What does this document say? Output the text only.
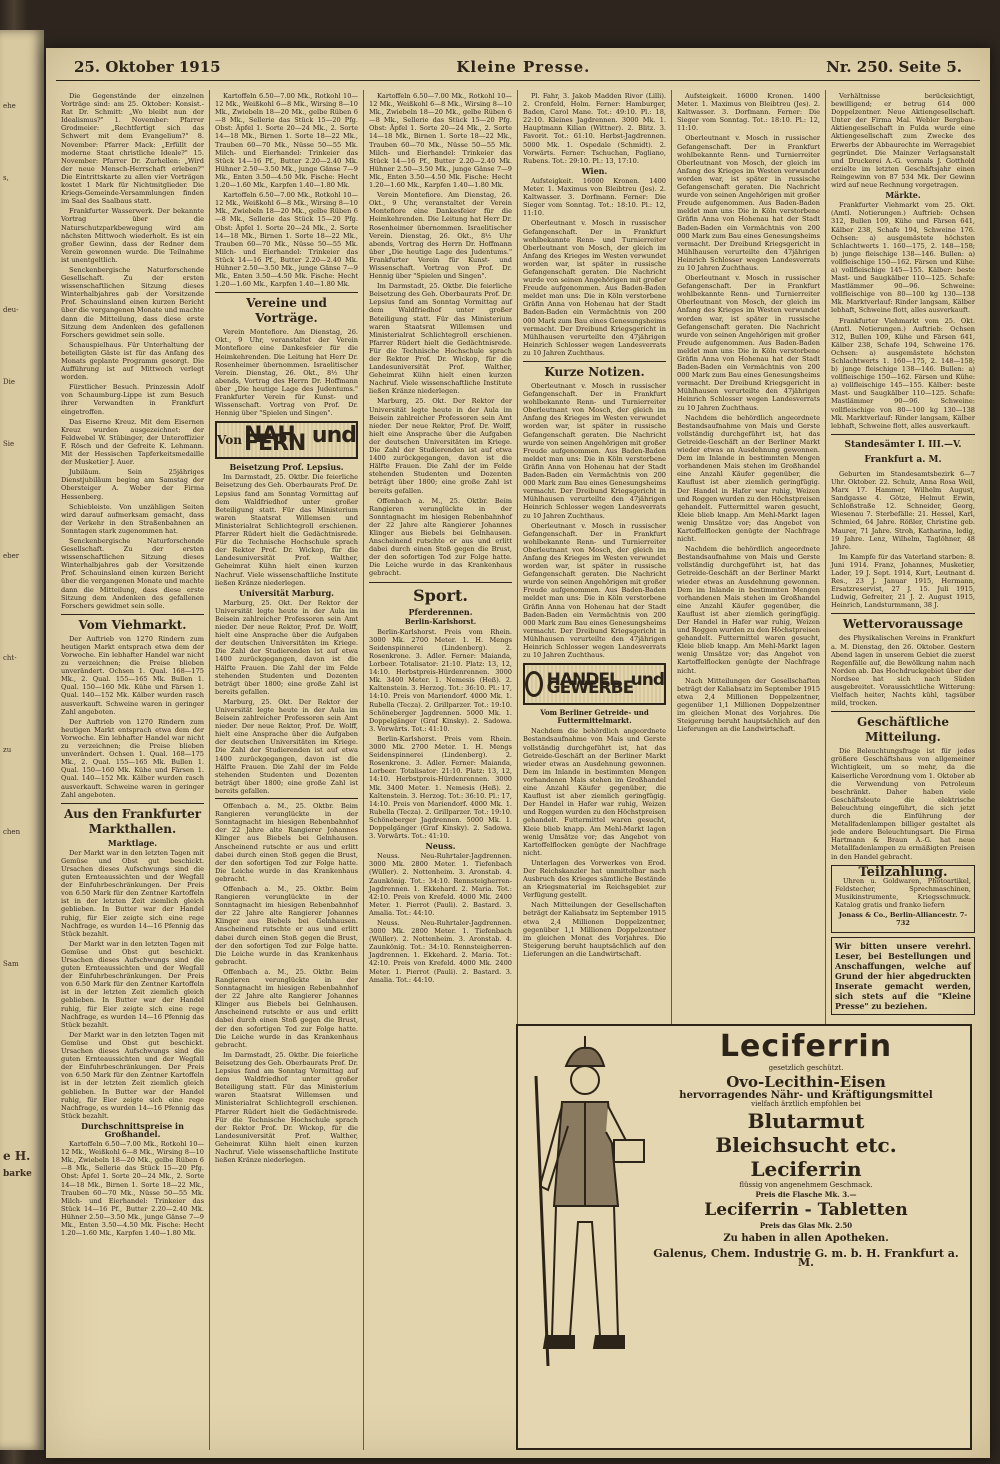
ehe
s,
deu-
Die
Sie
eber
cht-
zu
chen
Sam
e H.
barke
25. Oktober 1915	Kleine Presse.	Nr. 250. Seite 5.

Die Gegenstände der einzelnen Vorträge sind: am 25. Oktober: Konsist.-Rat Dr. Schmitt: „Wo bleibt nun der Idealismus?" 1. November: Pfarrer Grodmeier: „Rechtfertigt sich das Schwert mit dem Evangelium?" 8. November: Pfarrer Mack: „Erfüllt der moderne Staat christliche Ideale?" 15. November: Pfarrer Dr. Zurhellen: „Wird der neue Mensch-Herrschaft erleben?" Die Eintrittskarte zu allen vier Vorträgen kostet 1 Mark für Nichtmitglieder. Die Kriegs-Gemeinde-Versammlungen finden im Saal des Saalbaus statt.

Frankfurter Wasserwerk. Der bekannte Vortrag über die Naturschutzparkbewegung wird am nächsten Mittwoch wiederholt. Es ist ein großer Gewinn, dass der Redner dem Verein gewonnen wurde. Die Teilnahme ist unentgeltlich.

Senckenbergische Naturforschende Gesellschaft. Zu der ersten wissenschaftlichen Sitzung dieses Winterhalbjahres gab der Vorsitzende Prof. Schauinsland einen kurzen Bericht über die vergangenen Monate und machte dann die Mitteilung, dass diese erste Sitzung dem Andenken des gefallenen Forschers gewidmet sein solle.

Schauspielhaus. Für Unterhaltung der beteiligten Gäste ist für das Anfang des Monats geplante Programm gesorgt. Die Aufführung ist auf Mittwoch verlegt worden.

Fürstlicher Besuch. Prinzessin Adolf von Schaumburg-Lippe ist zum Besuch ihrer Verwandten in Frankfurt eingetroffen.

Das Eiserne Kreuz. Mit dem Eisernen Kreuz wurden ausgezeichnet: der Feldwebel W. Stübinger, der Unteroffizier F. Rösch und der Gefreite K. Lehmann. Mit der Hessischen Tapferkeitsmedaille der Musketier J. Auer.

Jubiläum. Sein 25jähriges Dienstjubiläum beging am Samstag der Obersteiger A. Weber der Firma Hessenberg.

Schiebleiste. Von unzähligen Seiten wird darauf aufmerksam gemacht, dass der Verkehr in den Straßenbahnen an Sonntagen stark zugenommen hat.

Senckenbergische Naturforschende Gesellschaft. Zu der ersten wissenschaftlichen Sitzung dieses Winterhalbjahres gab der Vorsitzende Prof. Schauinsland einen kurzen Bericht über die vergangenen Monate und machte dann die Mitteilung, dass diese erste Sitzung dem Andenken des gefallenen Forschers gewidmet sein solle.

Vom Viehmarkt.

Der Auftrieb von 1270 Rindern zum heutigen Markt entsprach etwa dem der Vorwoche. Ein lebhafter Handel war nicht zu verzeichnen; die Preise blieben unverändert. Ochsen 1. Qual. 168—175 Mk., 2. Qual. 155—165 Mk. Bullen 1. Qual. 150—160 Mk. Kühe und Färsen 1. Qual. 140—152 Mk. Kälber wurden rasch ausverkauft. Schweine waren in geringer Zahl angeboten.

Der Auftrieb von 1270 Rindern zum heutigen Markt entsprach etwa dem der Vorwoche. Ein lebhafter Handel war nicht zu verzeichnen; die Preise blieben unverändert. Ochsen 1. Qual. 168—175 Mk., 2. Qual. 155—165 Mk. Bullen 1. Qual. 150—160 Mk. Kühe und Färsen 1. Qual. 140—152 Mk. Kälber wurden rasch ausverkauft. Schweine waren in geringer Zahl angeboten.

Aus den Frankfurter Markthallen.
Marktlage.

Der Markt war in den letzten Tagen mit Gemüse und Obst gut beschickt. Ursachen dieses Aufschwungs sind die guten Ernteaussichten und der Wegfall der Einfuhrbeschränkungen. Der Preis von 6.50 Mark für den Zentner Kartoffeln ist in der letzten Zeit ziemlich gleich geblieben. In Butter war der Handel ruhig, für Eier zeigte sich eine rege Nachfrage, es wurden 14—16 Pfennig das Stück bezahlt.

Der Markt war in den letzten Tagen mit Gemüse und Obst gut beschickt. Ursachen dieses Aufschwungs sind die guten Ernteaussichten und der Wegfall der Einfuhrbeschränkungen. Der Preis von 6.50 Mark für den Zentner Kartoffeln ist in der letzten Zeit ziemlich gleich geblieben. In Butter war der Handel ruhig, für Eier zeigte sich eine rege Nachfrage, es wurden 14—16 Pfennig das Stück bezahlt.

Der Markt war in den letzten Tagen mit Gemüse und Obst gut beschickt. Ursachen dieses Aufschwungs sind die guten Ernteaussichten und der Wegfall der Einfuhrbeschränkungen. Der Preis von 6.50 Mark für den Zentner Kartoffeln ist in der letzten Zeit ziemlich gleich geblieben. In Butter war der Handel ruhig, für Eier zeigte sich eine rege Nachfrage, es wurden 14—16 Pfennig das Stück bezahlt.

Durchschnittspreise in Großhandel.

Kartoffeln 6.50—7.00 Mk., Rotkohl 10—12 Mk., Weißkohl 6—8 Mk., Wirsing 8—10 Mk., Zwiebeln 18—20 Mk., gelbe Rüben 6—8 Mk., Sellerie das Stück 15—20 Pfg. Obst: Äpfel 1. Sorte 20—24 Mk., 2. Sorte 14—18 Mk., Birnen 1. Sorte 18—22 Mk., Trauben 60—70 Mk., Nüsse 50—55 Mk. Milch- und Eierhandel: Trinkeier das Stück 14—16 Pf., Butter 2.20—2.40 Mk. Hühner 2.50—3.50 Mk., junge Gänse 7—9 Mk., Enten 3.50—4.50 Mk. Fische: Hecht 1.20—1.60 Mk., Karpfen 1.40—1.80 Mk.

Kartoffeln 6.50—7.00 Mk., Rotkohl 10—12 Mk., Weißkohl 6—8 Mk., Wirsing 8—10 Mk., Zwiebeln 18—20 Mk., gelbe Rüben 6—8 Mk., Sellerie das Stück 15—20 Pfg. Obst: Äpfel 1. Sorte 20—24 Mk., 2. Sorte 14—18 Mk., Birnen 1. Sorte 18—22 Mk., Trauben 60—70 Mk., Nüsse 50—55 Mk. Milch- und Eierhandel: Trinkeier das Stück 14—16 Pf., Butter 2.20—2.40 Mk. Hühner 2.50—3.50 Mk., junge Gänse 7—9 Mk., Enten 3.50—4.50 Mk. Fische: Hecht 1.20—1.60 Mk., Karpfen 1.40—1.80 Mk.

Kartoffeln 6.50—7.00 Mk., Rotkohl 10—12 Mk., Weißkohl 6—8 Mk., Wirsing 8—10 Mk., Zwiebeln 18—20 Mk., gelbe Rüben 6—8 Mk., Sellerie das Stück 15—20 Pfg. Obst: Äpfel 1. Sorte 20—24 Mk., 2. Sorte 14—18 Mk., Birnen 1. Sorte 18—22 Mk., Trauben 60—70 Mk., Nüsse 50—55 Mk. Milch- und Eierhandel: Trinkeier das Stück 14—16 Pf., Butter 2.20—2.40 Mk. Hühner 2.50—3.50 Mk., junge Gänse 7—9 Mk., Enten 3.50—4.50 Mk. Fische: Hecht 1.20—1.60 Mk., Karpfen 1.40—1.80 Mk.

Vereine und Vorträge.

Verein Montefiore. Am Dienstag, 26. Okt., 9 Uhr, veranstaltet der Verein Montefiore eine Dankesfeier für die Heimkehrenden. Die Leitung hat Herr Dr. Rosenheimer übernommen. Israelitischer Verein. Dienstag, 26. Okt., 8½ Uhr abends, Vortrag des Herrn Dr. Hoffmann über „Die heutige Lage des Judentums." Frankfurter Verein für Kunst- und Wissenschaft. Vortrag von Prof. Dr. Hennig über "Spielen und Singen".

Von NAH und FERN
Beisetzung Prof. Lepsius.

Im Darmstadt, 25. Oktbr. Die feierliche Beisetzung des Geh. Oberbaurats Prof. Dr. Lepsius fand am Sonntag Vormittag auf dem Waldfriedhof unter großer Beteiligung statt. Für das Ministerium waren Staatsrat Willemsen und Ministerialrat Schlichtegroll erschienen. Pfarrer Rüdert hielt die Gedächtnisrede. Für die Technische Hochschule sprach der Rektor Prof. Dr. Wickop, für die Landesuniversität Prof. Walther, Geheimrat Kühn hielt einen kurzen Nachruf. Viele wissenschaftliche Institute ließen Kränze niederlegen.

Universität Marburg.

Marburg, 25. Okt. Der Rektor der Universität legte heute in der Aula im Beisein zahlreicher Professoren sein Amt nieder. Der neue Rektor, Prof. Dr. Wolff, hielt eine Ansprache über die Aufgaben der deutschen Universitäten im Kriege. Die Zahl der Studierenden ist auf etwa 1400 zurückgegangen, davon ist die Hälfte Frauen. Die Zahl der im Felde stehenden Studenten und Dozenten beträgt über 1800; eine große Zahl ist bereits gefallen.

Marburg, 25. Okt. Der Rektor der Universität legte heute in der Aula im Beisein zahlreicher Professoren sein Amt nieder. Der neue Rektor, Prof. Dr. Wolff, hielt eine Ansprache über die Aufgaben der deutschen Universitäten im Kriege. Die Zahl der Studierenden ist auf etwa 1400 zurückgegangen, davon ist die Hälfte Frauen. Die Zahl der im Felde stehenden Studenten und Dozenten beträgt über 1800; eine große Zahl ist bereits gefallen.

Offenbach a. M., 25. Oktbr. Beim Rangieren verunglückte in der Sonntagnacht im hiesigen Rebenbahnhof der 22 Jahre alte Rangierer Johannes Klinger aus Biebels bei Gelnhausen. Anscheinend rutschte er aus und erlitt dabei durch einen Stoß gegen die Brust, der den sofortigen Tod zur Folge hatte. Die Leiche wurde in das Krankenhaus gebracht.

Offenbach a. M., 25. Oktbr. Beim Rangieren verunglückte in der Sonntagnacht im hiesigen Rebenbahnhof der 22 Jahre alte Rangierer Johannes Klinger aus Biebels bei Gelnhausen. Anscheinend rutschte er aus und erlitt dabei durch einen Stoß gegen die Brust, der den sofortigen Tod zur Folge hatte. Die Leiche wurde in das Krankenhaus gebracht.

Offenbach a. M., 25. Oktbr. Beim Rangieren verunglückte in der Sonntagnacht im hiesigen Rebenbahnhof der 22 Jahre alte Rangierer Johannes Klinger aus Biebels bei Gelnhausen. Anscheinend rutschte er aus und erlitt dabei durch einen Stoß gegen die Brust, der den sofortigen Tod zur Folge hatte. Die Leiche wurde in das Krankenhaus gebracht.

Im Darmstadt, 25. Oktbr. Die feierliche Beisetzung des Geh. Oberbaurats Prof. Dr. Lepsius fand am Sonntag Vormittag auf dem Waldfriedhof unter großer Beteiligung statt. Für das Ministerium waren Staatsrat Willemsen und Ministerialrat Schlichtegroll erschienen. Pfarrer Rüdert hielt die Gedächtnisrede. Für die Technische Hochschule sprach der Rektor Prof. Dr. Wickop, für die Landesuniversität Prof. Walther, Geheimrat Kühn hielt einen kurzen Nachruf. Viele wissenschaftliche Institute ließen Kränze niederlegen.

Kartoffeln 6.50—7.00 Mk., Rotkohl 10—12 Mk., Weißkohl 6—8 Mk., Wirsing 8—10 Mk., Zwiebeln 18—20 Mk., gelbe Rüben 6—8 Mk., Sellerie das Stück 15—20 Pfg. Obst: Äpfel 1. Sorte 20—24 Mk., 2. Sorte 14—18 Mk., Birnen 1. Sorte 18—22 Mk., Trauben 60—70 Mk., Nüsse 50—55 Mk. Milch- und Eierhandel: Trinkeier das Stück 14—16 Pf., Butter 2.20—2.40 Mk. Hühner 2.50—3.50 Mk., junge Gänse 7—9 Mk., Enten 3.50—4.50 Mk. Fische: Hecht 1.20—1.60 Mk., Karpfen 1.40—1.80 Mk.

Verein Montefiore. Am Dienstag, 26. Okt., 9 Uhr, veranstaltet der Verein Montefiore eine Dankesfeier für die Heimkehrenden. Die Leitung hat Herr Dr. Rosenheimer übernommen. Israelitischer Verein. Dienstag, 26. Okt., 8½ Uhr abends, Vortrag des Herrn Dr. Hoffmann über „Die heutige Lage des Judentums." Frankfurter Verein für Kunst- und Wissenschaft. Vortrag von Prof. Dr. Hennig über "Spielen und Singen".

Im Darmstadt, 25. Oktbr. Die feierliche Beisetzung des Geh. Oberbaurats Prof. Dr. Lepsius fand am Sonntag Vormittag auf dem Waldfriedhof unter großer Beteiligung statt. Für das Ministerium waren Staatsrat Willemsen und Ministerialrat Schlichtegroll erschienen. Pfarrer Rüdert hielt die Gedächtnisrede. Für die Technische Hochschule sprach der Rektor Prof. Dr. Wickop, für die Landesuniversität Prof. Walther, Geheimrat Kühn hielt einen kurzen Nachruf. Viele wissenschaftliche Institute ließen Kränze niederlegen.

Marburg, 25. Okt. Der Rektor der Universität legte heute in der Aula im Beisein zahlreicher Professoren sein Amt nieder. Der neue Rektor, Prof. Dr. Wolff, hielt eine Ansprache über die Aufgaben der deutschen Universitäten im Kriege. Die Zahl der Studierenden ist auf etwa 1400 zurückgegangen, davon ist die Hälfte Frauen. Die Zahl der im Felde stehenden Studenten und Dozenten beträgt über 1800; eine große Zahl ist bereits gefallen.

Offenbach a. M., 25. Oktbr. Beim Rangieren verunglückte in der Sonntagnacht im hiesigen Rebenbahnhof der 22 Jahre alte Rangierer Johannes Klinger aus Biebels bei Gelnhausen. Anscheinend rutschte er aus und erlitt dabei durch einen Stoß gegen die Brust, der den sofortigen Tod zur Folge hatte. Die Leiche wurde in das Krankenhaus gebracht.

Sport.
Pferderennen.
Berlin-Karlshorst.

Berlin-Karlshorst. Preis vom Rhein. 3000 Mk. 2700 Meter. 1. H. Mengs Seidenspinnerei (Lindenberg). 2. Rosenkrone. 3. Adler. Ferner: Maianda, Lorbeer. Totalisator: 21:10. Platz: 13, 12, 14:10. Herbstpreis-Hürdenrennen. 3000 Mk. 3400 Meter. 1. Nemesis (Heß). 2. Kaltenstein. 3. Herzog. Tot.: 36:10. Pl.: 17, 14:10. Preis von Mariendorf. 4000 Mk. 1. Rubella (Tecza). 2. Grillparzer. Tot.: 19:10. Schöneberger Jagdrennen. 5000 Mk. 1. Doppelgänger (Graf Kinsky). 2. Sadowa. 3. Vorwärts. Tot.: 41:10.

Berlin-Karlshorst. Preis vom Rhein. 3000 Mk. 2700 Meter. 1. H. Mengs Seidenspinnerei (Lindenberg). 2. Rosenkrone. 3. Adler. Ferner: Maianda, Lorbeer. Totalisator: 21:10. Platz: 13, 12, 14:10. Herbstpreis-Hürdenrennen. 3000 Mk. 3400 Meter. 1. Nemesis (Heß). 2. Kaltenstein. 3. Herzog. Tot.: 36:10. Pl.: 17, 14:10. Preis von Mariendorf. 4000 Mk. 1. Rubella (Tecza). 2. Grillparzer. Tot.: 19:10. Schöneberger Jagdrennen. 5000 Mk. 1. Doppelgänger (Graf Kinsky). 2. Sadowa. 3. Vorwärts. Tot.: 41:10.

Neuss.

Neuss. Neu-Ruhrtaler-Jagdrennen. 3000 Mk. 2800 Meter. 1. Tiefenbach (Wüller). 2. Nottenheim. 3. Aronstab. 4. Zaunkönig. Tot.: 34:10. Rennsteigherren-Jagdrennen. 1. Ekkehard. 2. Maria. Tot.: 42:10. Preis von Krefeld. 4000 Mk. 2400 Meter. 1. Pierrot (Pauli). 2. Bastard. 3. Amalia. Tot.: 44:10.

Neuss. Neu-Ruhrtaler-Jagdrennen. 3000 Mk. 2800 Meter. 1. Tiefenbach (Wüller). 2. Nottenheim. 3. Aronstab. 4. Zaunkönig. Tot.: 34:10. Rennsteigherren-Jagdrennen. 1. Ekkehard. 2. Maria. Tot.: 42:10. Preis von Krefeld. 4000 Mk. 2400 Meter. 1. Pierrot (Pauli). 2. Bastard. 3. Amalia. Tot.: 44:10.

Pl. Fahr, 3. Jakob Madden Rivor (Lilli). 2. Cronfeld, Holm. Ferner: Hamburger, Baden, Carol Mane. Tot.: 49:10. Pl.: 18, 22:10. Kleines Jagdrennen. 3000 Mk. 1. Hauptmann Kilian (Wittner). 2. Blitz. 3. Favorit. Tot.: 61:10. Herbst-Jagdrennen. 5000 Mk. 1. Ospedale (Schmidt). 2. Vorwärts. Ferner: Tschuchan, Pagliano, Rubens. Tot.: 29:10. Pl.: 13, 17:10.

Wien.

Aufsteigkeit. 16000 Kronen. 1400 Meter. 1. Maximus von Bleibtreu (Jes). 2. Kaltwasser. 3. Dorfmann. Ferner: Die Sieger vom Sonntag. Tot.: 18:10. Pl.: 12, 11:10.

Oberleutnant v. Mosch in russischer Gefangenschaft. Der in Frankfurt wohlbekannte Renn- und Turnierreiter Oberleutnant von Mosch, der gleich im Anfang des Krieges im Westen verwundet worden war, ist später in russische Gefangenschaft geraten. Die Nachricht wurde von seinen Angehörigen mit großer Freude aufgenommen. Aus Baden-Baden meldet man uns: Die in Köln verstorbene Gräfin Anna von Hohenau hat der Stadt Baden-Baden ein Vermächtnis von 200 000 Mark zum Bau eines Genesungsheims vermacht. Der Dreibund Kriegsgericht in Mühlhausen verurteilte den 47jährigen Heinrich Schlosser wegen Landesverrats zu 10 Jahren Zuchthaus.

Kurze Notizen.

Oberleutnant v. Mosch in russischer Gefangenschaft. Der in Frankfurt wohlbekannte Renn- und Turnierreiter Oberleutnant von Mosch, der gleich im Anfang des Krieges im Westen verwundet worden war, ist später in russische Gefangenschaft geraten. Die Nachricht wurde von seinen Angehörigen mit großer Freude aufgenommen. Aus Baden-Baden meldet man uns: Die in Köln verstorbene Gräfin Anna von Hohenau hat der Stadt Baden-Baden ein Vermächtnis von 200 000 Mark zum Bau eines Genesungsheims vermacht. Der Dreibund Kriegsgericht in Mühlhausen verurteilte den 47jährigen Heinrich Schlosser wegen Landesverrats zu 10 Jahren Zuchthaus.

Oberleutnant v. Mosch in russischer Gefangenschaft. Der in Frankfurt wohlbekannte Renn- und Turnierreiter Oberleutnant von Mosch, der gleich im Anfang des Krieges im Westen verwundet worden war, ist später in russische Gefangenschaft geraten. Die Nachricht wurde von seinen Angehörigen mit großer Freude aufgenommen. Aus Baden-Baden meldet man uns: Die in Köln verstorbene Gräfin Anna von Hohenau hat der Stadt Baden-Baden ein Vermächtnis von 200 000 Mark zum Bau eines Genesungsheims vermacht. Der Dreibund Kriegsgericht in Mühlhausen verurteilte den 47jährigen Heinrich Schlosser wegen Landesverrats zu 10 Jahren Zuchthaus.

HANDEL und GEWERBE
Vom Berliner Getreide- und Futtermittelmarkt.

Nachdem die behördlich angeordnete Bestandsaufnahme von Mais und Gerste vollständig durchgeführt ist, hat das Getreide-Geschäft an der Berliner Markt wieder etwas an Ausdehnung gewonnen. Dem im Inlande in bestimmten Mengen vorhandenen Mais stehen im Großhandel eine Anzahl Käufer gegenüber, die Kauflust ist aber ziemlich geringfügig. Der Handel in Hafer war ruhig, Weizen und Roggen wurden zu den Höchstpreisen gehandelt. Futtermittel waren gesucht, Kleie blieb knapp. Am Mehl-Markt lagen wenig Umsätze vor; das Angebot von Kartoffelflocken genügte der Nachfrage nicht.

Unterlagen des Vorwerkes von Erod. Der Reichskanzler hat unmittelbar nach Ausbruch des Krieges sämtliche Bestände an Kriegsmaterial im Reichsgebiet zur Verfügung gestellt.

Nach Mitteilungen der Gesellschaften beträgt der Kaliabsatz im September 1915 etwa 2,4 Millionen Doppelzentner, gegenüber 1,1 Millionen Doppelzentner im gleichen Monat des Vorjahres. Die Steigerung beruht hauptsächlich auf den Lieferungen an die Landwirtschaft.

Aufsteigkeit. 16000 Kronen. 1400 Meter. 1. Maximus von Bleibtreu (Jes). 2. Kaltwasser. 3. Dorfmann. Ferner: Die Sieger vom Sonntag. Tot.: 18:10. Pl.: 12, 11:10.

Oberleutnant v. Mosch in russischer Gefangenschaft. Der in Frankfurt wohlbekannte Renn- und Turnierreiter Oberleutnant von Mosch, der gleich im Anfang des Krieges im Westen verwundet worden war, ist später in russische Gefangenschaft geraten. Die Nachricht wurde von seinen Angehörigen mit großer Freude aufgenommen. Aus Baden-Baden meldet man uns: Die in Köln verstorbene Gräfin Anna von Hohenau hat der Stadt Baden-Baden ein Vermächtnis von 200 000 Mark zum Bau eines Genesungsheims vermacht. Der Dreibund Kriegsgericht in Mühlhausen verurteilte den 47jährigen Heinrich Schlosser wegen Landesverrats zu 10 Jahren Zuchthaus.

Oberleutnant v. Mosch in russischer Gefangenschaft. Der in Frankfurt wohlbekannte Renn- und Turnierreiter Oberleutnant von Mosch, der gleich im Anfang des Krieges im Westen verwundet worden war, ist später in russische Gefangenschaft geraten. Die Nachricht wurde von seinen Angehörigen mit großer Freude aufgenommen. Aus Baden-Baden meldet man uns: Die in Köln verstorbene Gräfin Anna von Hohenau hat der Stadt Baden-Baden ein Vermächtnis von 200 000 Mark zum Bau eines Genesungsheims vermacht. Der Dreibund Kriegsgericht in Mühlhausen verurteilte den 47jährigen Heinrich Schlosser wegen Landesverrats zu 10 Jahren Zuchthaus.

Nachdem die behördlich angeordnete Bestandsaufnahme von Mais und Gerste vollständig durchgeführt ist, hat das Getreide-Geschäft an der Berliner Markt wieder etwas an Ausdehnung gewonnen. Dem im Inlande in bestimmten Mengen vorhandenen Mais stehen im Großhandel eine Anzahl Käufer gegenüber, die Kauflust ist aber ziemlich geringfügig. Der Handel in Hafer war ruhig, Weizen und Roggen wurden zu den Höchstpreisen gehandelt. Futtermittel waren gesucht, Kleie blieb knapp. Am Mehl-Markt lagen wenig Umsätze vor; das Angebot von Kartoffelflocken genügte der Nachfrage nicht.

Nachdem die behördlich angeordnete Bestandsaufnahme von Mais und Gerste vollständig durchgeführt ist, hat das Getreide-Geschäft an der Berliner Markt wieder etwas an Ausdehnung gewonnen. Dem im Inlande in bestimmten Mengen vorhandenen Mais stehen im Großhandel eine Anzahl Käufer gegenüber, die Kauflust ist aber ziemlich geringfügig. Der Handel in Hafer war ruhig, Weizen und Roggen wurden zu den Höchstpreisen gehandelt. Futtermittel waren gesucht, Kleie blieb knapp. Am Mehl-Markt lagen wenig Umsätze vor; das Angebot von Kartoffelflocken genügte der Nachfrage nicht.

Nach Mitteilungen der Gesellschaften beträgt der Kaliabsatz im September 1915 etwa 2,4 Millionen Doppelzentner, gegenüber 1,1 Millionen Doppelzentner im gleichen Monat des Vorjahres. Die Steigerung beruht hauptsächlich auf den Lieferungen an die Landwirtschaft.

Verhältnisse berücksichtigt, bewilligend; er betrug 614 000 Doppelzentner. Neue Aktiengesellschaft. Unter der Firma Mal. Webler Bergbau-Aktiengesellschaft in Fulda wurde eine Aktiengesellschaft zum Zwecke des Erwerbs der Abbaurechte im Werragebiet gegründet. Die Mainzer Verlagsanstalt und Druckerei A.-G. vormals J. Gotthold erzielte im letzten Geschäftsjahr einen Reingewinn von 87 534 Mk. Der Gewinn wird auf neue Rechnung vorgetragen.

Märkte.

Frankfurter Viehmarkt vom 25. Okt. (Amtl. Notierungen.) Auftrieb: Ochsen 312, Bullen 109, Kühe und Färsen 641, Kälber 238, Schafe 194, Schweine 176. Ochsen: a) ausgemästete höchsten Schlachtwerts 1. 160—175, 2. 148—158; b) junge fleischige 138—146. Bullen: a) vollfleischige 150—162. Färsen und Kühe: a) vollfleischige 145—155. Kälber: beste Mast- und Saugkälber 110—125. Schafe: Mastlämmer 90—96. Schweine: vollfleischige von 80—100 kg 130—138 Mk. Marktverlauf: Rinder langsam, Kälber lebhaft, Schweine flott, alles ausverkauft.

Frankfurter Viehmarkt vom 25. Okt. (Amtl. Notierungen.) Auftrieb: Ochsen 312, Bullen 109, Kühe und Färsen 641, Kälber 238, Schafe 194, Schweine 176. Ochsen: a) ausgemästete höchsten Schlachtwerts 1. 160—175, 2. 148—158; b) junge fleischige 138—146. Bullen: a) vollfleischige 150—162. Färsen und Kühe: a) vollfleischige 145—155. Kälber: beste Mast- und Saugkälber 110—125. Schafe: Mastlämmer 90—96. Schweine: vollfleischige von 80—100 kg 130—138 Mk. Marktverlauf: Rinder langsam, Kälber lebhaft, Schweine flott, alles ausverkauft.

Standesämter I. III.—V. Frankfurt a. M.

Geburten im Standesamtsbezirk 6—7 Uhr. Oktober. 22. Schulz, Anna Rosa Weil, Marx 17. Hammer, Wilhelm August, Sandgasse 4. Götze, Helmut Erwin, Schloßstraße 12. Schneider, Georg, Wiesenau 7. Sterbefälle: 21. Hessel, Karl, Schmied, 64 Jahre. Rößler, Christine geb. Maurer, 71 Jahre. Stroh, Katharina, ledig, 19 Jahre. Lenz, Wilhelm, Taglöhner, 48 Jahre.

Im Kampfe für das Vaterland starben: 8. Juni 1914. Franz, Johannes, Musketier, Lader, 19 J. Sept. 1914, Kurt, Leutnant d. Res., 23 J. Januar 1915, Hermann, Ersatzreservist, 27 J. 15. Juli 1915, Ludwig, Gefreiter, 21 J. 2. August 1915, Heinrich, Landsturmmann, 38 J.

Wettervoraussage

des Physikalischen Vereins in Frankfurt a. M. Dienstag, den 26. Oktober. Gestern Abend lagen in unserem Gebiet die zuerst Regenfälle auf, die Bewölkung nahm nach Norden ab. Das Hochdruckgebiet über der Nordsee hat sich nach Süden ausgebreitet. Voraussichtliche Witterung: Vielfach heiter, Nachts kühl, tagsüber mild, trocken.

Geschäftliche Mitteilung.

Die Beleuchtungsfrage ist für jedes größere Geschäftshaus von allgemeiner Wichtigkeit, um so mehr, da die Kaiserliche Verordnung vom 1. Oktober ab die Verwendung von Petroleum beschränkt. Daher haben viele Geschäftsleute die elektrische Beleuchtung eingeführt, die sich jetzt durch die Einführung der Metallfadenlampen billiger gestaltet als jede andere Beleuchtungsart. Die Firma Hartmann & Braun A.-G. hat neue Metallfadenlampen zu ermäßigten Preisen in den Handel gebracht.

Teilzahlung.

Uhren u. Goldwaren, Photoartikel, Feldstecher, Sprechmaschinen, Musikinstrumente, Kriegsschmuck. Katalog gratis und franko liefern

Jonass & Co., Berlin-Alliancestr. 7-732

Wir bitten unsere verehrl. Leser, bei Bestellungen und Anschaffungen, welche auf Grund der hier abgedruckten Inserate gemacht werden, sich stets auf die "Kleine Presse" zu beziehen.
Leciferrin
gesetzlich geschützt.
Ovo-Lecithin-Eisen
hervorragendes Nähr- und Kräftigungsmittel
vielfach ärztlich empfohlen bei
Blutarmut
Bleichsucht etc.
Leciferrin
flüssig von angenehmem Geschmack.
Preis die Flasche Mk. 3.—
Leciferrin - Tabletten
Preis das Glas Mk. 2.50
Zu haben in allen Apotheken.
Galenus, Chem. Industrie G. m. b. H. Frankfurt a. M.
